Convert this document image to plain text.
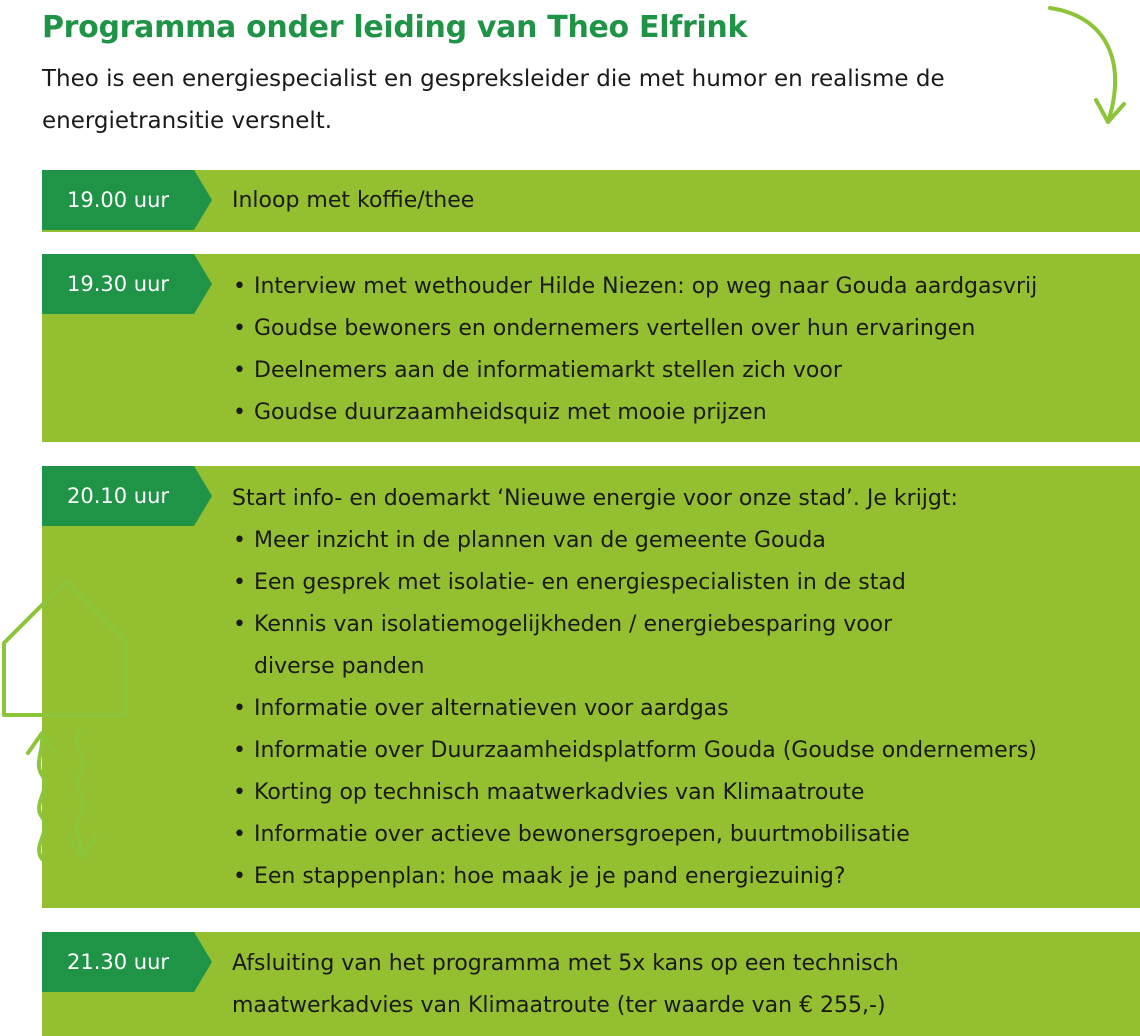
Programma onder leiding van Theo Elfrink
Theo is een energiespecialist en gespreksleider die met humor en realisme de energietransitie versnelt.
19.00 uur	Inloop met koffie/thee
19.30 uur	• Interview met wethouder Hilde Niezen: op weg naar Gouda aardgasvrij
• Goudse bewoners en ondernemers vertellen over hun ervaringen
• Deelnemers aan de informatiemarkt stellen zich voor
• Goudse duurzaamheidsquiz met mooie prijzen
20.10 uur	Start info- en doemarkt ‘Nieuwe energie voor onze stad’. Je krijgt:
• Meer inzicht in de plannen van de gemeente Gouda
• Een gesprek met isolatie- en energiespecialisten in de stad
• Kennis van isolatiemogelijkheden / energiebesparing voor
diverse panden
• Informatie over alternatieven voor aardgas
• Informatie over Duurzaamheidsplatform Gouda (Goudse ondernemers)
• Korting op technisch maatwerkadvies van Klimaatroute
• Informatie over actieve bewonersgroepen, buurtmobilisatie
• Een stappenplan: hoe maak je je pand energiezuinig?
21.30 uur	Afsluiting van het programma met 5x kans op een technisch
maatwerkadvies van Klimaatroute (ter waarde van € 255,-)
